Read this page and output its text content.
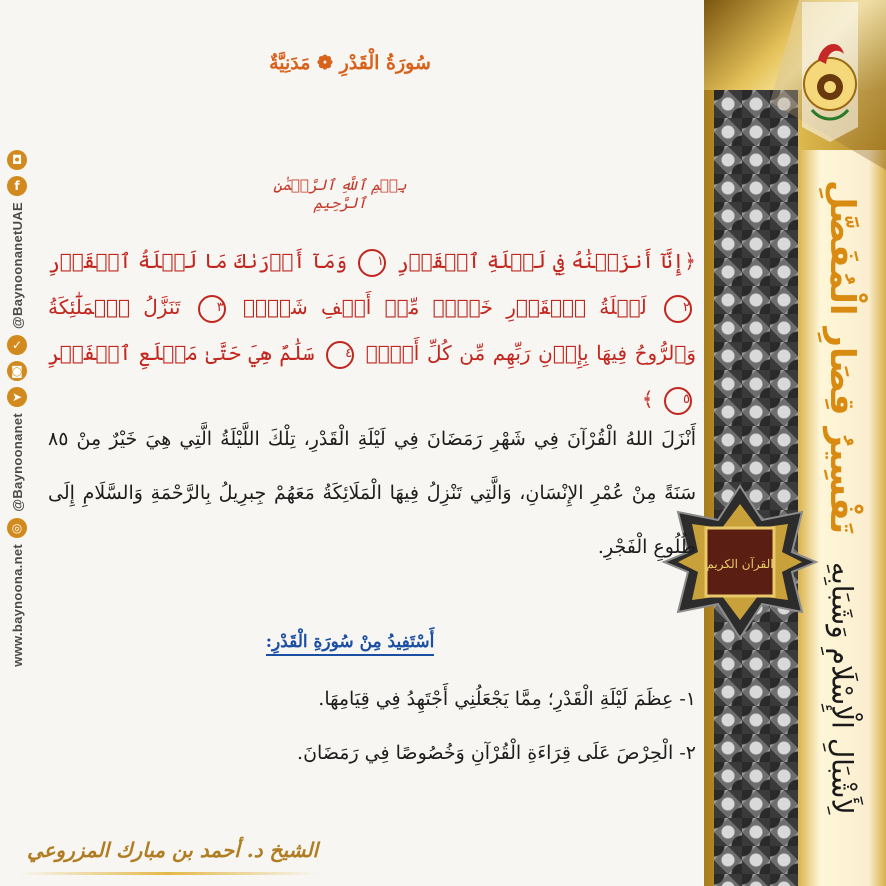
تَفْسِيرُ قِصَارِ الْمُفَصَّلِ
لِأَشْبَالِ الْإِسْلَامِ وَشَبَابِهِ
القرآن الكريم
◘
f
@BaynoonanetUAE
✓
◙
➤
@Baynoonanet
◎
www.baynoona.net
سُورَةُ الْقَدْرِ ❁ مَدَنِيَّةٌ
بِسۡمِ ٱللَّهِ ٱلرَّحۡمَٰنِ ٱلرَّحِيمِ
﴿إِنَّآ أَنزَلۡنَٰهُ فِي لَيۡلَةِ ٱلۡقَدۡرِ ١ وَمَآ أَدۡرَىٰكَ مَا لَيۡلَةُ ٱلۡقَدۡرِ ٢ لَيۡلَةُ ٱلۡقَدۡرِ خَيۡرٞ مِّنۡ أَلۡفِ شَهۡرٖ ٣ تَنَزَّلُ ٱلۡمَلَٰٓئِكَةُ وَٱلرُّوحُ فِيهَا بِإِذۡنِ رَبِّهِم مِّن كُلِّ أَمۡرٖ ٤ سَلَٰمٌ هِيَ حَتَّىٰ مَطۡلَعِ ٱلۡفَجۡرِ ٥ ﴾
أَنْزَلَ اللهُ الْقُرْآنَ فِي شَهْرِ رَمَضَانَ فِي لَيْلَةِ الْقَدْرِ، تِلْكَ اللَّيْلَةُ الَّتِي هِيَ خَيْرٌ مِنْ ٨٥ سَنَةً مِنْ عُمْرِ الإِنْسَانِ، وَالَّتِي تَنْزِلُ فِيهَا الْمَلَائِكَةُ مَعَهُمْ جِبرِيلُ بِالرَّحْمَةِ وَالسَّلَامِ إِلَى طُلُوعِ الْفَجْرِ.
أَسْتَفِيدُ مِنْ سُورَةِ الْقَدْرِ:
١- عِظَمَ لَيْلَةِ الْقَدْرِ؛ مِمَّا يَجْعَلُنِي أَجْتَهِدُ فِي قِيَامِهَا.
٢- الْحِرْصَ عَلَى قِرَاءَةِ الْقُرْآنِ وَخُصُوصًا فِي رَمَضَانَ.
الشيخ د. أحمد بن مبارك المزروعي
